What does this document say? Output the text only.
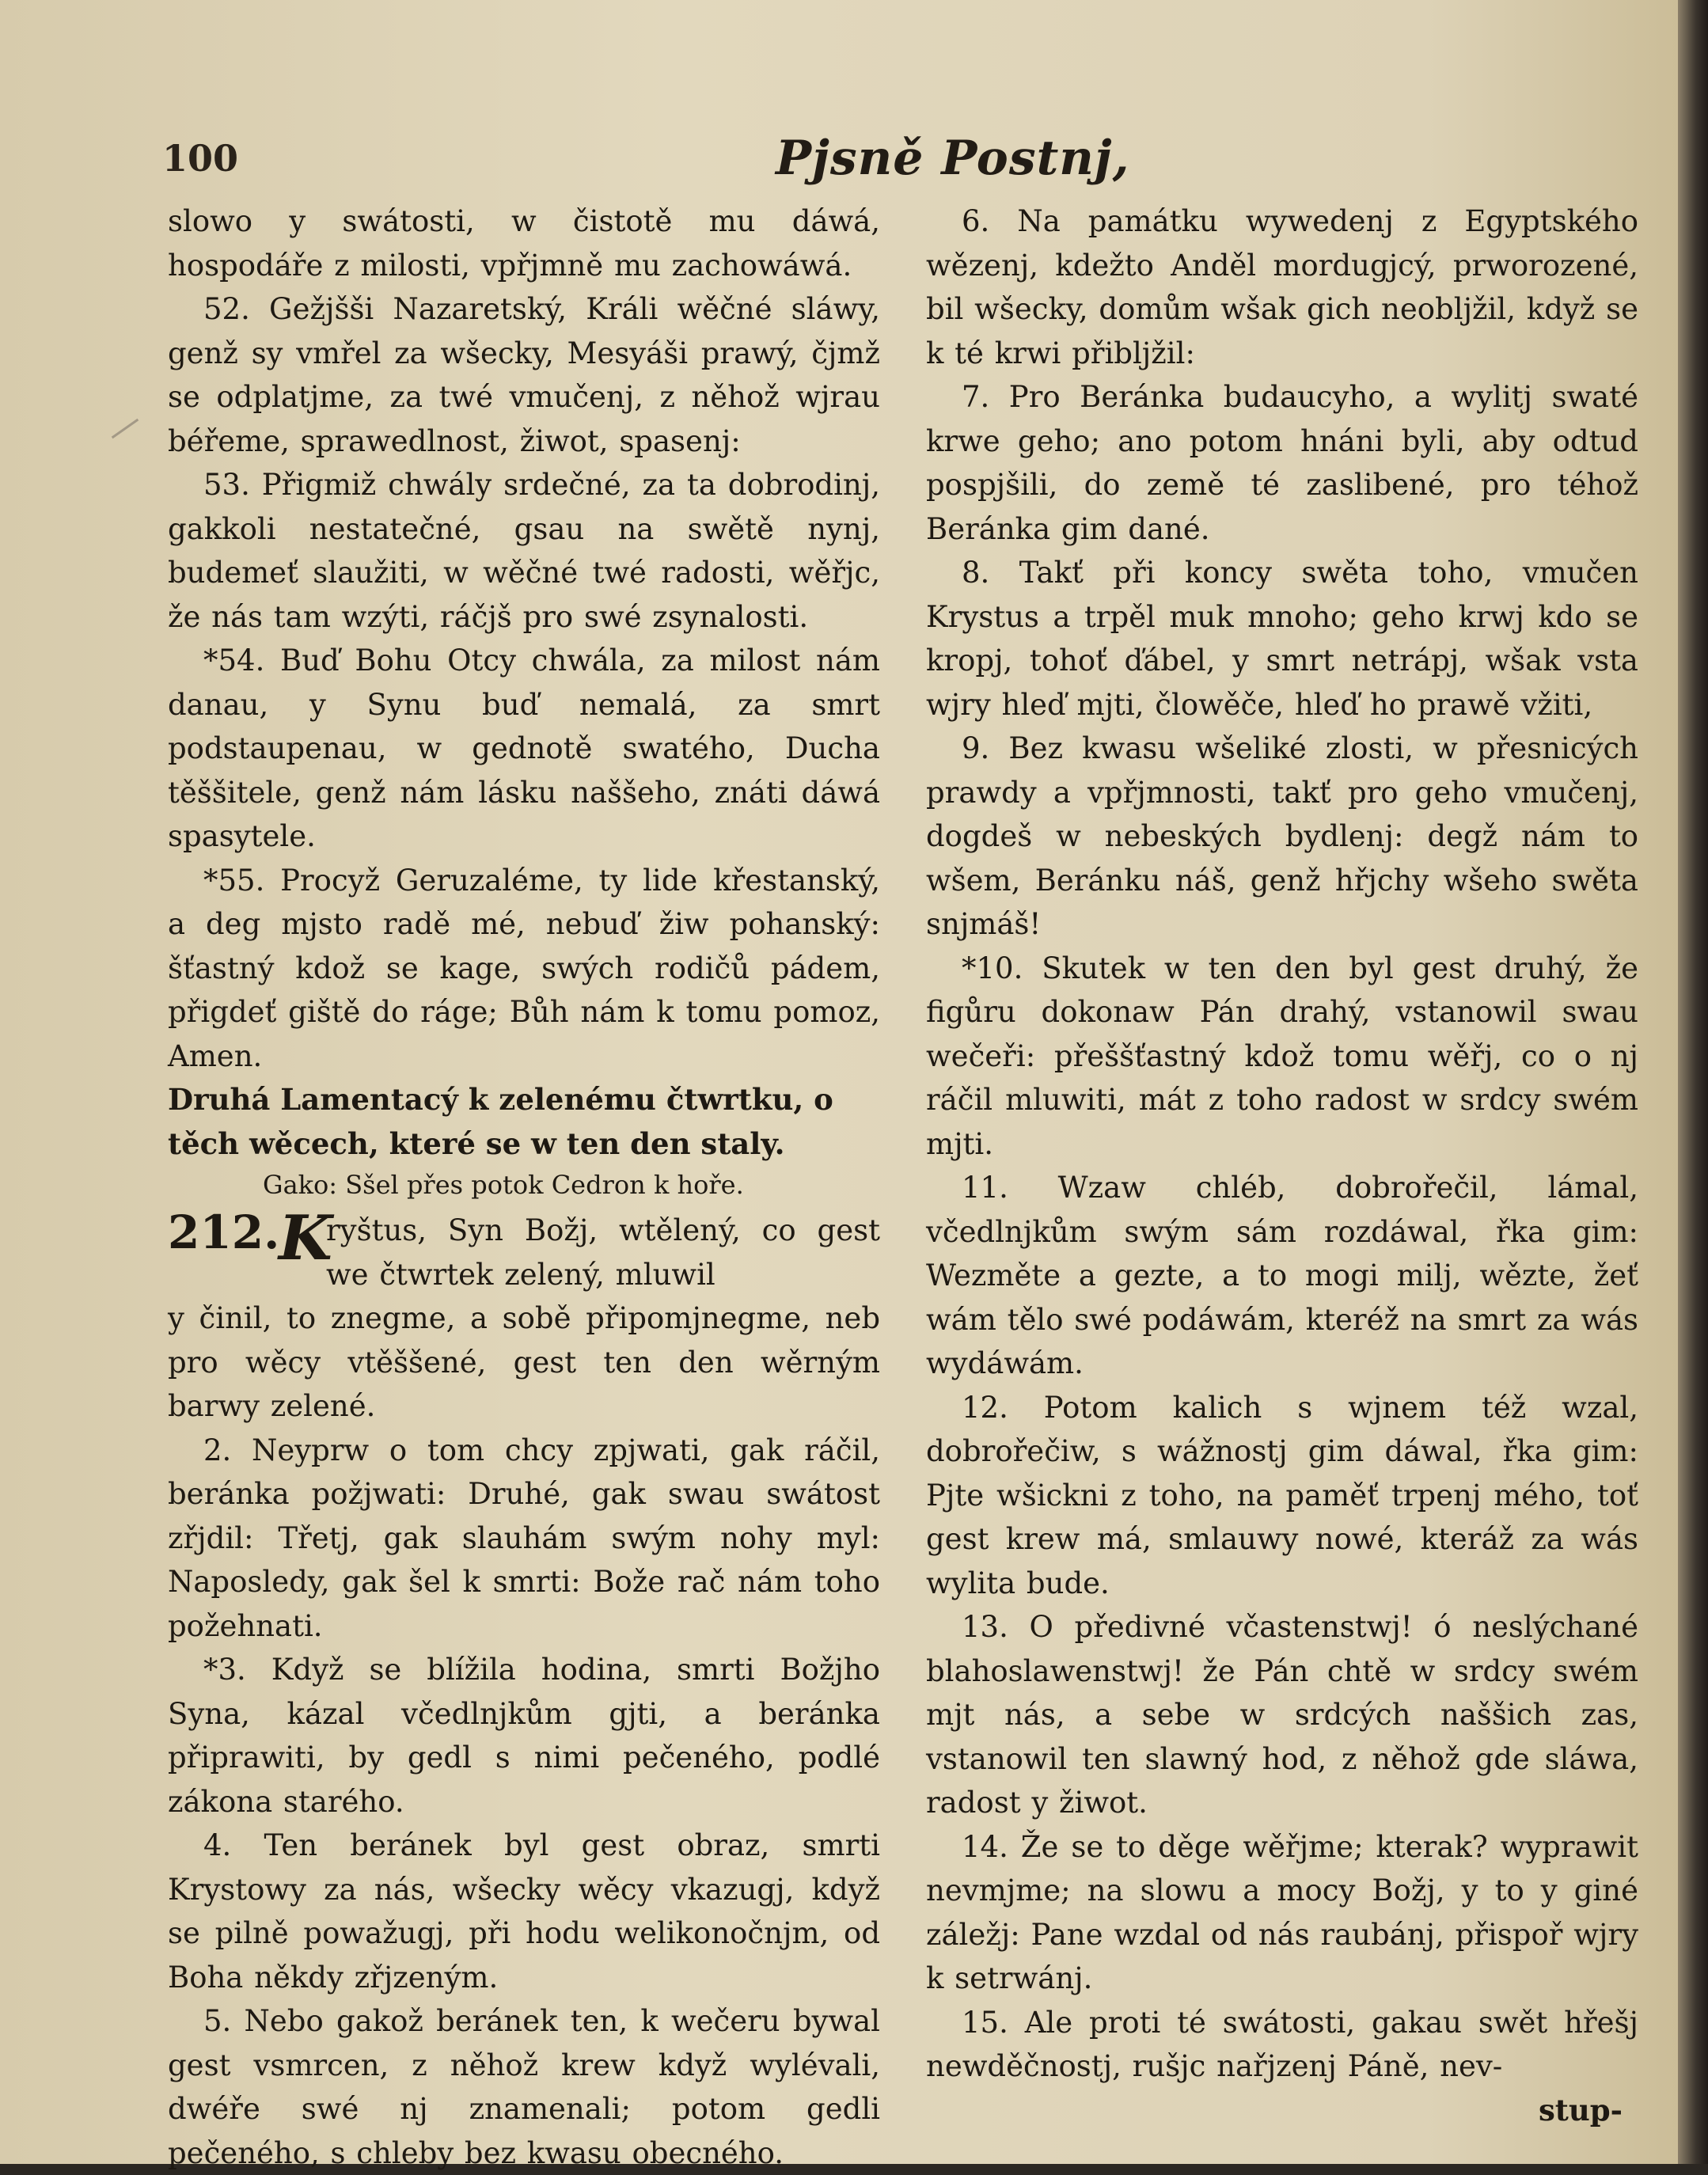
100	Pjsně Postnj,

slowo y swátosti, w čistotě mu dáwá, hospodáře z milosti, vpřjmně mu zachowáwá.

52. Gežjšši Nazaretský, Králi wěčné sláwy, genž sy vmřel za wšecky, Mesyáši prawý, čjmž se odplatjme, za twé vmučenj, z něhož wjrau béřeme, sprawedlnost, žiwot, spasenj:

53. Přigmiž chwály srdečné, za ta dobrodinj, gakkoli nestatečné, gsau na swětě nynj, budemeť slaužiti, w wěčné twé radosti, wěřjc, že nás tam wzýti, ráčjš pro swé zsynalosti.

*54. Buď Bohu Otcy chwála, za milost nám danau, y Synu buď nemalá, za smrt podstaupenau, w gednotě swatého, Ducha těššitele, genž nám lásku naššeho, znáti dáwá spasytele.

*55. Procyž Geruzaléme, ty lide křestanský, a deg mjsto radě mé, nebuď žiw pohanský: šťastný kdož se kage, swých rodičů pádem, přigdeť giště do ráge; Bůh nám k tomu pomoz, Amen.

Druhá Lamentacý k zelenému čtwrtku, o těch wěcech, které se w ten den staly.

Gako: Sšel přes potok Cedron k hoře.

212.
K

ryštus, Syn Božj, wtělený, co gest we čtwrtek zelený, mluwil

y činil, to znegme, a sobě připomjnegme, neb pro wěcy vtěššené, gest ten den wěrným barwy zelené.

2. Neyprw o tom chcy zpjwati, gak ráčil, beránka požjwati: Druhé, gak swau swátost zřjdil: Třetj, gak slauhám swým nohy myl: Naposledy, gak šel k smrti: Bože rač nám toho požehnati.

*3. Když se blížila hodina, smrti Božjho Syna, kázal včedlnjkům gjti, a beránka připrawiti, by gedl s nimi pečeného, podlé zákona starého.

4. Ten beránek byl gest obraz, smrti Krystowy za nás, wšecky wěcy vkazugj, když se pilně powažugj, při hodu welikonočnjm, od Boha někdy zřjzeným.

5. Nebo gakož beránek ten, k wečeru bywal gest vsmrcen, z něhož krew když wylévali, dwéře swé nj znamenali; potom gedli pečeného, s chleby bez kwasu obecného.

6. Na památku wywedenj z Egyptského wězenj, kdežto Anděl mordugjcý, prworozené, bil wšecky, domům wšak gich neobljžil, když se k té krwi přibljžil:

7. Pro Beránka budaucyho, a wylitj swaté krwe geho; ano potom hnáni byli, aby odtud pospjšili, do země té zaslibené, pro téhož Beránka gim dané.

8. Takť při koncy swěta toho, vmučen Krystus a trpěl muk mnoho; geho krwj kdo se kropj, tohoť ďábel, y smrt netrápj, wšak vsta wjry hleď mjti, člowěče, hleď ho prawě vžiti,

9. Bez kwasu wšeliké zlosti, w přesnicých prawdy a vpřjmnosti, takť pro geho vmučenj, dogdeš w nebeských bydlenj: degž nám to wšem, Beránku náš, genž hřjchy wšeho swěta snjmáš!

*10. Skutek w ten den byl gest druhý, že figůru dokonaw Pán drahý, vstanowil swau wečeři: přeššťastný kdož tomu wěřj, co o nj ráčil mluwiti, mát z toho radost w srdcy swém mjti.

11. Wzaw chléb, dobrořečil, lámal, včedlnjkům swým sám rozdáwal, řka gim: Wezměte a gezte, a to mogi milj, wězte, žeť wám tělo swé podáwám, kteréž na smrt za wás wydáwám.

12. Potom kalich s wjnem též wzal, dobrořečiw, s wážnostj gim dáwal, řka gim: Pjte wšickni z toho, na paměť trpenj mého, toť gest krew má, smlauwy nowé, kteráž za wás wylita bude.

13. O předivné včastenstwj! ó neslýchané blahoslawenstwj! že Pán chtě w srdcy swém mjt nás, a sebe w srdcých naššich zas, vstanowil ten slawný hod, z něhož gde sláwa, radost y žiwot.

14. Že se to děge wěřjme; kterak? wyprawit nevmjme; na slowu a mocy Božj, y to y giné záležj: Pane wzdal od nás raubánj, přispoř wjry k setrwánj.

15. Ale proti té swátosti, gakau swět hřešj newděčnostj, rušjc nařjzenj Páně, nev-

stup-
